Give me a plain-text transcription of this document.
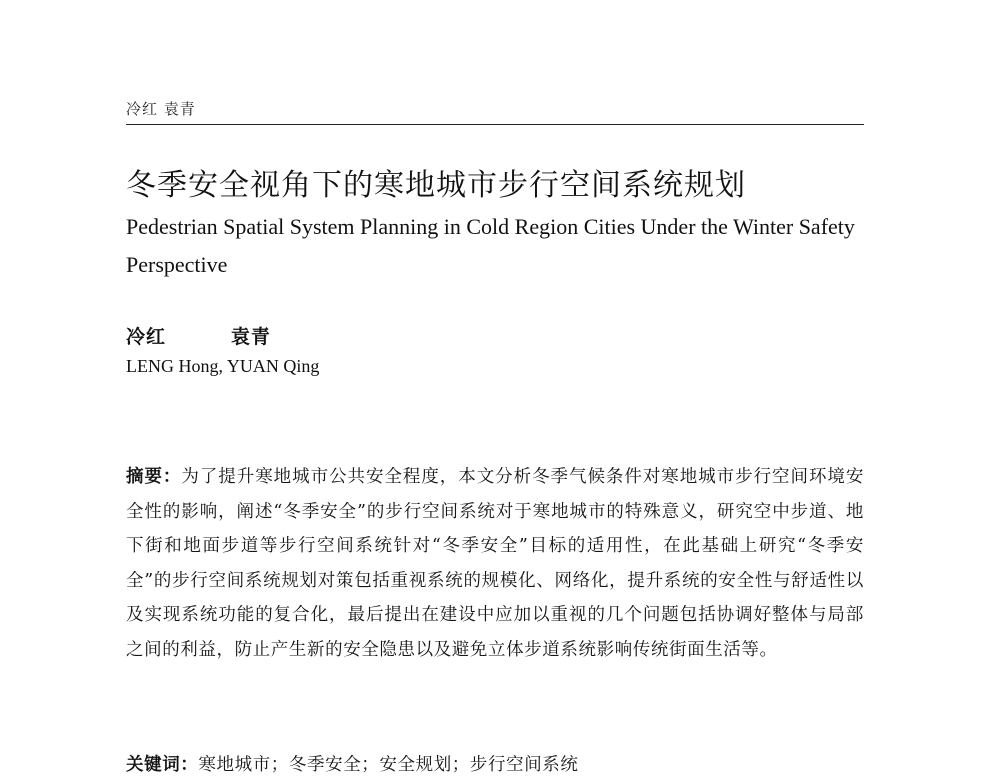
冷红 袁青
冬季安全视角下的寒地城市步行空间系统规划
Pedestrian Spatial System Planning in Cold Region Cities Under the Winter Safety Perspective
冷红   袁青
LENG Hong, YUAN Qing
摘要：为了提升寒地城市公共安全程度，本文分析冬季气候条件对寒地城市步行空间环境安全性的影响，阐述“冬季安全”的步行空间系统对于寒地城市的特殊意义，研究空中步道、地下街和地面步道等步行空间系统针对“冬季安全”目标的适用性，在此基础上研究“冬季安全”的步行空间系统规划对策包括重视系统的规模化、网络化，提升系统的安全性与舒适性以及实现系统功能的复合化，最后提出在建设中应加以重视的几个问题包括协调好整体与局部之间的利益，防止产生新的安全隐患以及避免立体步道系统影响传统街面生活等。
关键词：寒地城市；冬季安全；安全规划；步行空间系统
